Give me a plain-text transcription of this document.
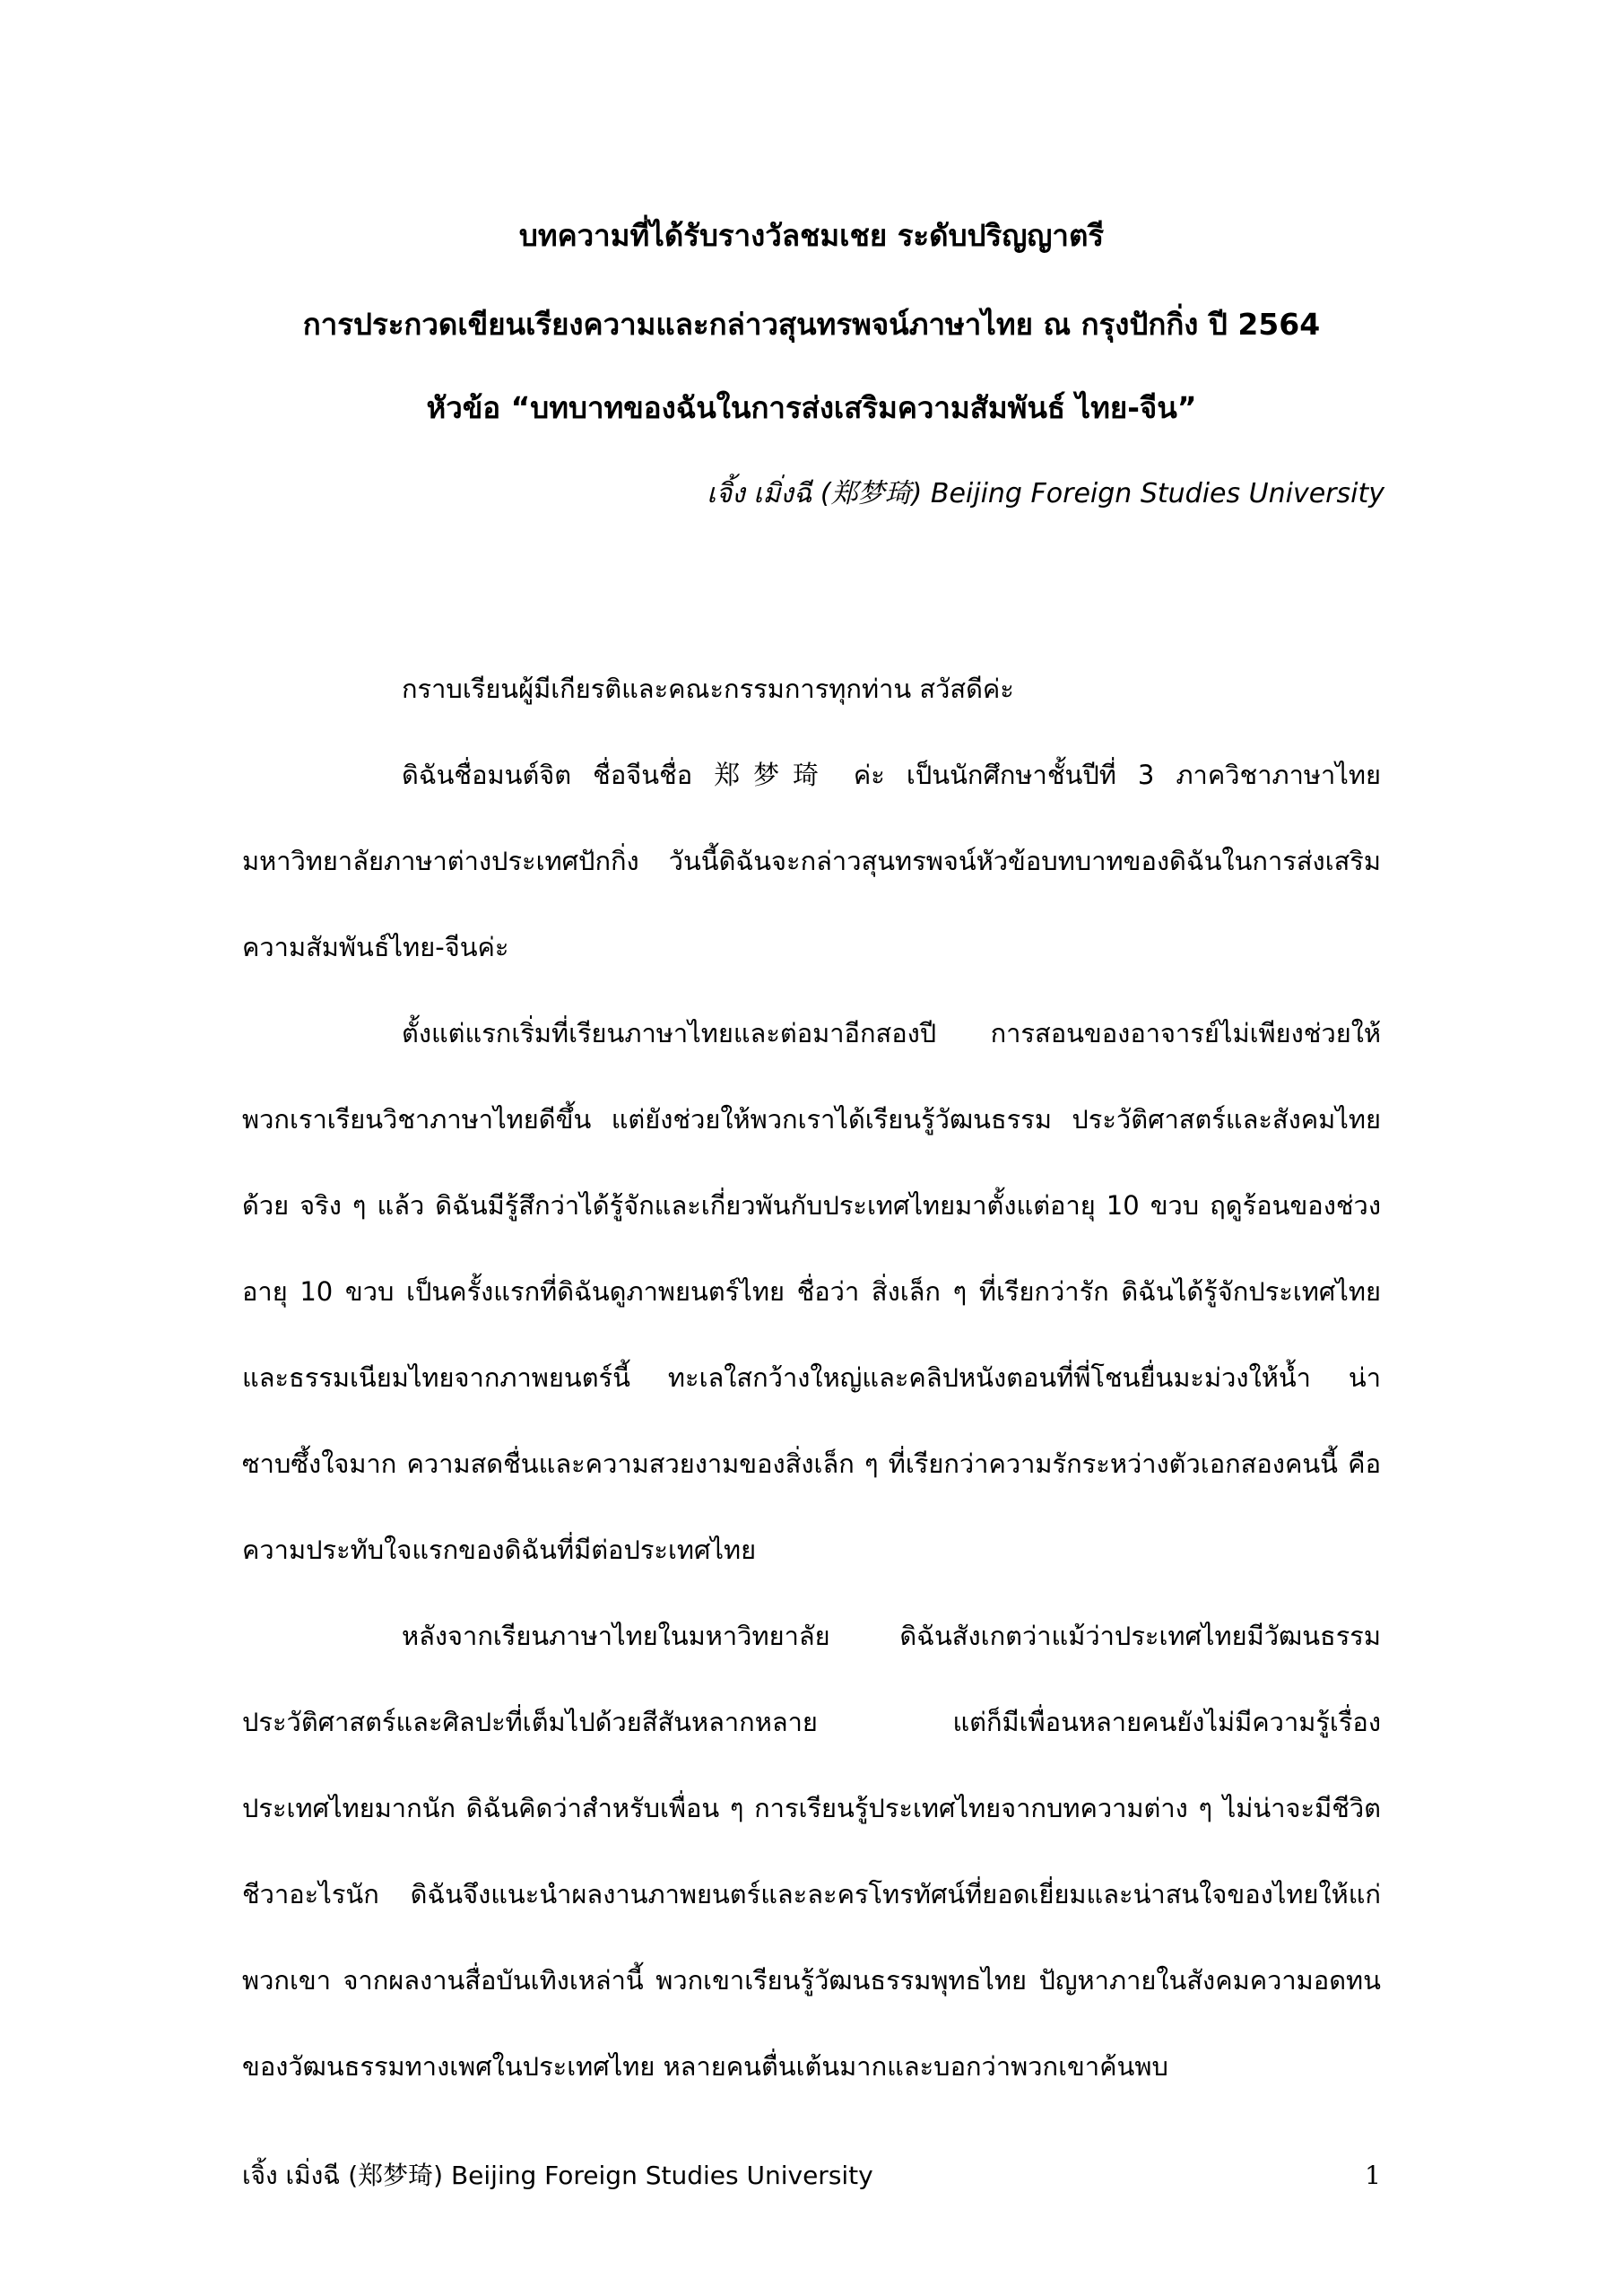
บทความที่ได้รับรางวัลชมเชย ระดับปริญญาตรี
การประกวดเขียนเรียงความและกล่าวสุนทรพจน์ภาษาไทย ณ กรุงปักกิ่ง ปี 2564
หัวข้อ “บทบาทของฉันในการส่งเสริมความสัมพันธ์ ไทย-จีน”
เจิ้ง เมิ่งฉี (郑梦琦) Beijing Foreign Studies University

กราบเรียนผู้มีเกียรติและคณะกรรมการทุกท่าน สวัสดีค่ะ

ดิฉันชื่อมนต์จิต ชื่อจีนชื่อ 郑梦琦 ค่ะ เป็นนักศึกษาชั้นปีที่ 3 ภาควิชาภาษาไทย มหาวิทยาลัยภาษาต่างประเทศปักกิ่ง วันนี้ดิฉันจะกล่าวสุนทรพจน์หัวข้อบทบาทของดิฉันในการส่งเสริมความสัมพันธ์ไทย-จีนค่ะ

ตั้งแต่แรกเริ่มที่เรียนภาษาไทยและต่อมาอีกสองปี การสอนของอาจารย์ไม่เพียงช่วยให้พวกเราเรียนวิชาภาษาไทยดีขึ้น แต่ยังช่วยให้พวกเราได้เรียนรู้วัฒนธรรม ประวัติศาสตร์และสังคมไทยด้วย จริง ๆ แล้ว ดิฉันมีรู้สึกว่าได้รู้จักและเกี่ยวพันกับประเทศไทยมาตั้งแต่อายุ 10 ขวบ ฤดูร้อนของช่วงอายุ 10 ขวบ เป็นครั้งแรกที่ดิฉันดูภาพยนตร์ไทย ชื่อว่า สิ่งเล็ก ๆ ที่เรียกว่ารัก ดิฉันได้รู้จักประเทศไทยและธรรมเนียมไทยจากภาพยนตร์นี้ ทะเลใสกว้างใหญ่และคลิปหนังตอนที่พี่โชนยื่นมะม่วงให้น้ำ น่าซาบซึ้งใจมาก ความสดชื่นและความสวยงามของสิ่งเล็ก ๆ ที่เรียกว่าความรักระหว่างตัวเอกสองคนนี้ คือความประทับใจแรกของดิฉันที่มีต่อประเทศไทย

หลังจากเรียนภาษาไทยในมหาวิทยาลัย ดิฉันสังเกตว่าแม้ว่าประเทศไทยมีวัฒนธรรมประวัติศาสตร์และศิลปะที่เต็มไปด้วยสีสันหลากหลาย แต่ก็มีเพื่อนหลายคนยังไม่มีความรู้เรื่องประเทศไทยมากนัก ดิฉันคิดว่าสำหรับเพื่อน ๆ การเรียนรู้ประเทศไทยจากบทความต่าง ๆ ไม่น่าจะมีชีวิตชีวาอะไรนัก ดิฉันจึงแนะนำผลงานภาพยนตร์และละครโทรทัศน์ที่ยอดเยี่ยมและน่าสนใจของไทยให้แก่พวกเขา จากผลงานสื่อบันเทิงเหล่านี้ พวกเขาเรียนรู้วัฒนธรรมพุทธไทย ปัญหาภายในสังคมความอดทนของวัฒนธรรมทางเพศในประเทศไทย หลายคนตื่นเต้นมากและบอกว่าพวกเขาค้นพบ

เจิ้ง เมิ่งฉี (郑梦琦) Beijing Foreign Studies University	1
